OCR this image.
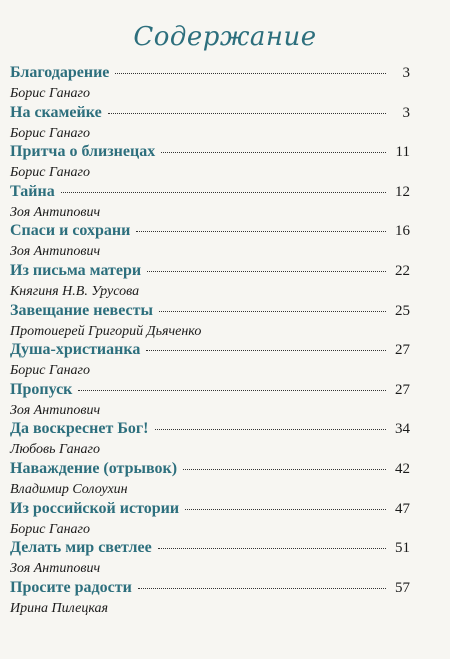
Содержание
Благодарение	3
Борис Ганаго
На скамейке	3
Борис Ганаго
Притча о близнецах	11
Борис Ганаго
Тайна	12
Зоя Антипович
Спаси и сохрани	16
Зоя Антипович
Из письма матери	22
Княгиня Н.В. Урусова
Завещание невесты	25
Протоиерей Григорий Дьяченко
Душа-христианка	27
Борис Ганаго
Пропуск	27
Зоя Антипович
Да воскреснет Бог!	34
Любовь Ганаго
Наваждение (отрывок)	42
Владимир Солоухин
Из российской истории	47
Борис Ганаго
Делать мир светлее	51
Зоя Антипович
Просите радости	57
Ирина Пилецкая
